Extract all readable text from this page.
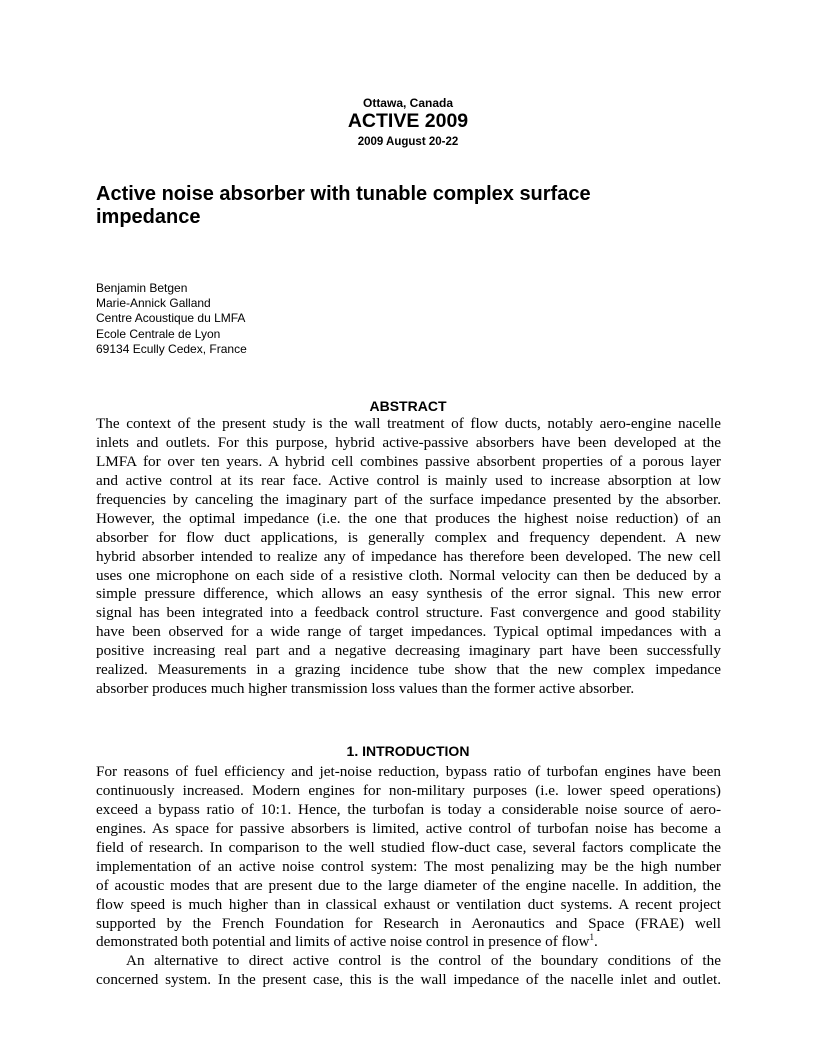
Ottawa, Canada
ACTIVE 2009
2009 August 20-22
Active noise absorber with tunable complex surface
impedance
Benjamin Betgen
Marie-Annick Galland
Centre Acoustique du LMFA
Ecole Centrale de Lyon
69134 Ecully Cedex, France
ABSTRACT
The context of the present study is the wall treatment of flow ducts, notably aero-engine nacelle
inlets and outlets. For this purpose, hybrid active-passive absorbers have been developed at the
LMFA for over ten years. A hybrid cell combines passive absorbent properties of a porous layer
and active control at its rear face. Active control is mainly used to increase absorption at low
frequencies by canceling the imaginary part of the surface impedance presented by the absorber.
However, the optimal impedance (i.e. the one that produces the highest noise reduction) of an
absorber for flow duct applications, is generally complex and frequency dependent. A new
hybrid absorber intended to realize any of impedance has therefore been developed. The new cell
uses one microphone on each side of a resistive cloth. Normal velocity can then be deduced by a
simple pressure difference, which allows an easy synthesis of the error signal. This new error
signal has been integrated into a feedback control structure. Fast convergence and good stability
have been observed for a wide range of target impedances. Typical optimal impedances with a
positive increasing real part and a negative decreasing imaginary part have been successfully
realized. Measurements in a grazing incidence tube show that the new complex impedance
absorber produces much higher transmission loss values than the former active absorber.
1. INTRODUCTION
For reasons of fuel efficiency and jet-noise reduction, bypass ratio of turbofan engines have been
continuously increased. Modern engines for non-military purposes (i.e. lower speed operations)
exceed a bypass ratio of 10:1. Hence, the turbofan is today a considerable noise source of aero-
engines. As space for passive absorbers is limited, active control of turbofan noise has become a
field of research. In comparison to the well studied flow-duct case, several factors complicate the
implementation of an active noise control system: The most penalizing may be the high number
of acoustic modes that are present due to the large diameter of the engine nacelle. In addition, the
flow speed is much higher than in classical exhaust or ventilation duct systems. A recent project
supported by the French Foundation for Research in Aeronautics and Space (FRAE) well
demonstrated both potential and limits of active noise control in presence of flow$^1$.
An alternative to direct active control is the control of the boundary conditions of the
concerned system. In the present case, this is the wall impedance of the nacelle inlet and outlet.
